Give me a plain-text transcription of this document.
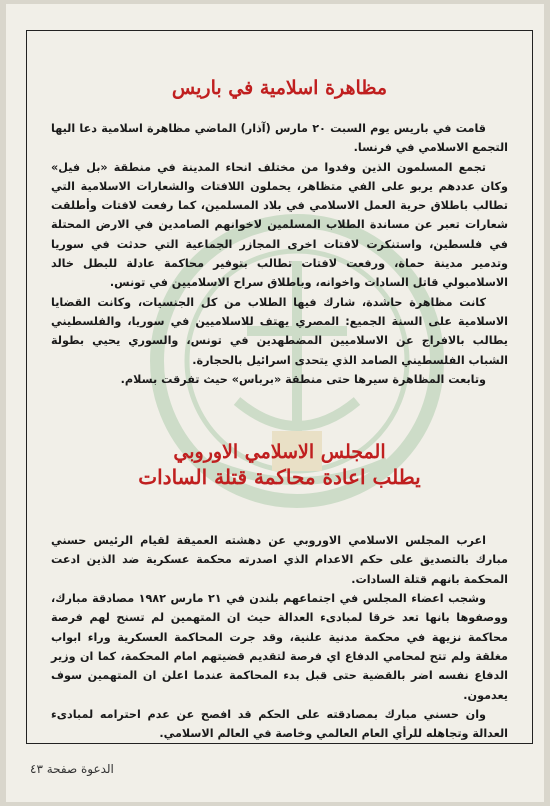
مظاهرة اسلامية في باريس

قامت في باريس يوم السبت ٢٠ مارس (آذار) الماضي مظاهرة اسلامية دعا اليها التجمع الاسلامي في فرنسا.

تجمع المسلمون الذين وفدوا من مختلف انحاء المدينة في منطقة «بل فيل» وكان عددهم يربو على الفي متظاهر، يحملون اللافتات والشعارات الاسلامية التي تطالب باطلاق حرية العمل الاسلامي في بلاد المسلمين، كما رفعت لافتات وأطلقت شعارات تعبر عن مساندة الطلاب المسلمين لاخوانهم الصامدين في الارض المحتلة في فلسطين، واستنكرت لافتات اخرى المجازر الجماعية التي حدثت في سوريا وتدمير مدينة حماة، ورفعت لافتات تطالب بتوفير محاكمة عادلة للبطل خالد الاسلامبولي قاتل السادات واخوانه، وباطلاق سراح الاسلاميين في تونس.

كانت مظاهرة حاشدة، شارك فيها الطلاب من كل الجنسيات، وكانت القضايا الاسلامية على السنة الجميع: المصري يهتف للاسلاميين في سوريا، والفلسطيني يطالب بالافراج عن الاسلاميين المضطهدين في تونس، والسوري يحيي بطولة الشباب الفلسطيني الصامد الذي يتحدى اسرائيل بالحجارة.

وتابعت المظاهرة سيرها حتى منطقة «برباس» حيث تفرقت بسلام.

المجلس الاسلامي الاوروبي
يطلب اعادة محاكمة قتلة السادات

اعرب المجلس الاسلامي الاوروبي عن دهشته العميقة لقيام الرئيس حسني مبارك بالتصديق على حكم الاعدام الذي اصدرته محكمة عسكرية ضد الذين ادعت المحكمة بانهم قتلة السادات.

وشجب اعضاء المجلس في اجتماعهم بلندن في ٢١ مارس ١٩٨٢ مصادقة مبارك، ووصفوها بانها تعد خرقا لمبادىء العدالة حيث ان المتهمين لم تسنح لهم فرصة محاكمة نزيهة في محكمة مدنية علنية، وقد جرت المحاكمة العسكرية وراء ابواب مغلقة ولم تتح لمحامي الدفاع اي فرصة لتقديم قضيتهم امام المحكمة، كما ان وزير الدفاع نفسه اضر بالقضية حتى قبل بدء المحاكمة عندما اعلن ان المتهمين سوف يعدمون.

وان حسني مبارك بمصادقته على الحكم قد افصح عن عدم احترامه لمبادىء العدالة وتجاهله للرأي العام العالمي وخاصة في العالم الاسلامي.

الدعوة صفحة ٤٣
